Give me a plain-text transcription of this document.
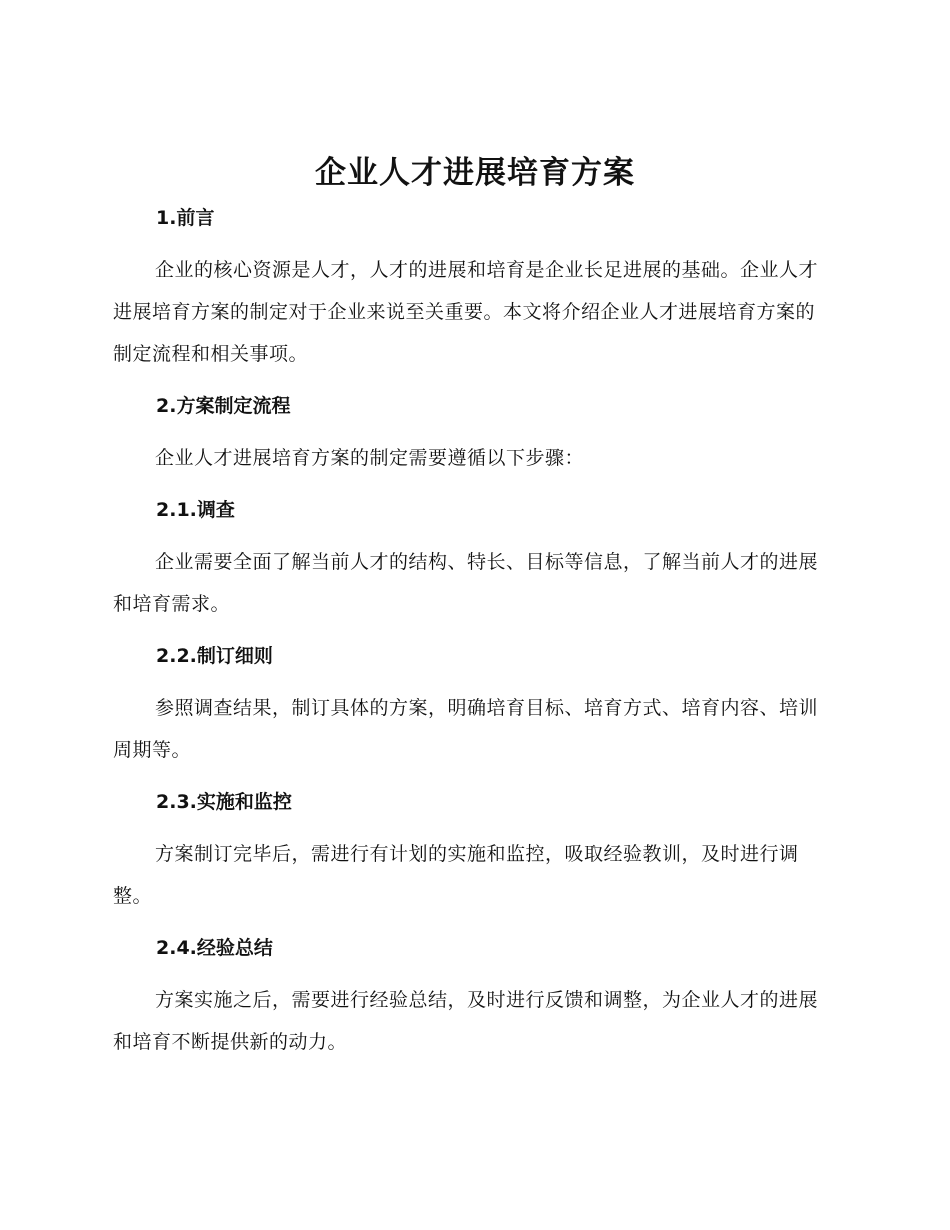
企业人才进展培育方案
1.前言

企业的核心资源是人才，人才的进展和培育是企业长足进展的基础。企业人才进展培育方案的制定对于企业来说至关重要。本文将介绍企业人才进展培育方案的制定流程和相关事项。

2.方案制定流程

企业人才进展培育方案的制定需要遵循以下步骤：

2.1.调查

企业需要全面了解当前人才的结构、特长、目标等信息，了解当前人才的进展和培育需求。

2.2.制订细则

参照调查结果，制订具体的方案，明确培育目标、培育方式、培育内容、培训周期等。

2.3.实施和监控

方案制订完毕后，需进行有计划的实施和监控，吸取经验教训，及时进行调整。

2.4.经验总结

方案实施之后，需要进行经验总结，及时进行反馈和调整，为企业人才的进展和培育不断提供新的动力。
